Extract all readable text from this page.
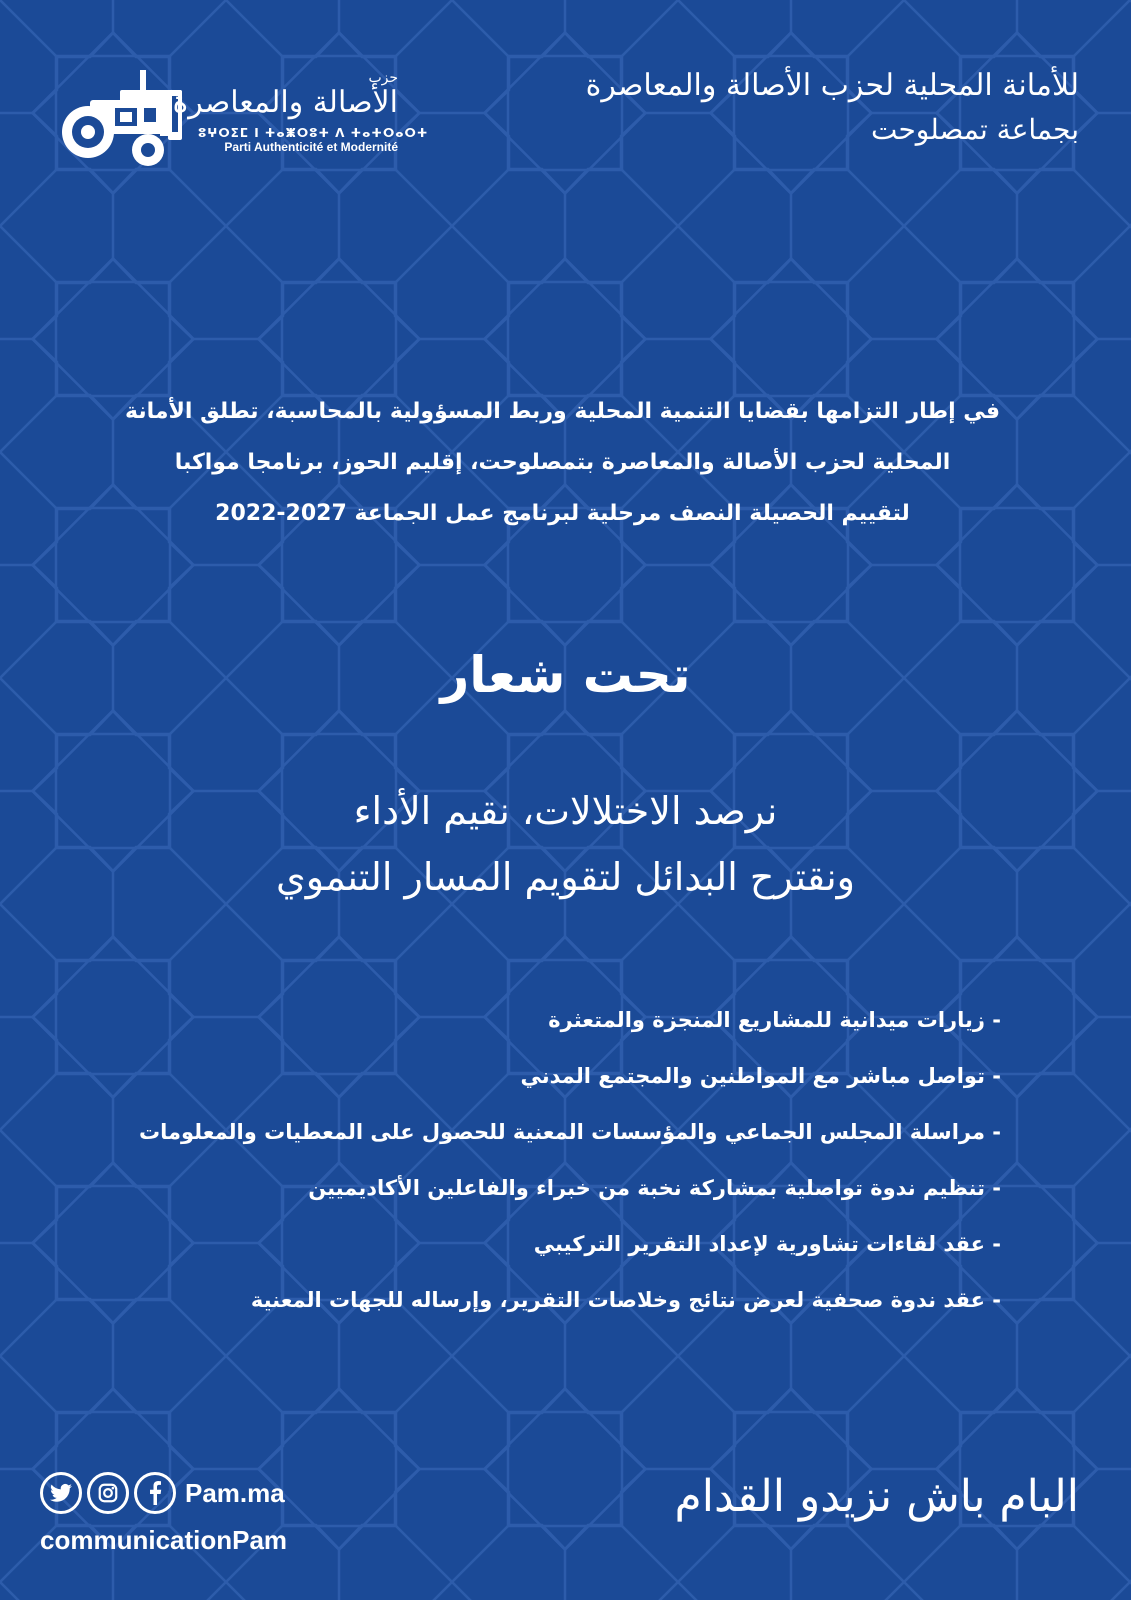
حزب
الأصالة والمعاصرة
ⵓⵖⵔⵉⵎ ⵏ ⵜⴰⵥⵔⵓⵜ ⴷ ⵜⴰⵜⵔⴰⵔⵜ
Parti Authenticité et Modernité
للأمانة المحلية لحزب الأصالة والمعاصرة
بجماعة تمصلوحت
في إطار التزامها بقضايا التنمية المحلية وربط المسؤولية بالمحاسبة، تطلق الأمانة
المحلية لحزب الأصالة والمعاصرة بتمصلوحت، إقليم الحوز، برنامجا مواكبا
لتقييم الحصيلة النصف مرحلية لبرنامج عمل الجماعة 2027-2022
تحت شعار
نرصد الاختلالات، نقيم الأداء
ونقترح البدائل لتقويم المسار التنموي
- زيارات ميدانية للمشاريع المنجزة والمتعثرة
- تواصل مباشر مع المواطنين والمجتمع المدني
- مراسلة المجلس الجماعي والمؤسسات المعنية للحصول على المعطيات والمعلومات
- تنظيم ندوة تواصلية بمشاركة نخبة من خبراء والفاعلين الأكاديميين
- عقد لقاءات تشاورية لإعداد التقرير التركيبي
- عقد ندوة صحفية لعرض نتائج وخلاصات التقرير، وإرساله للجهات المعنية
البام باش نزيدو القدام
Pam.ma
communicationPam
